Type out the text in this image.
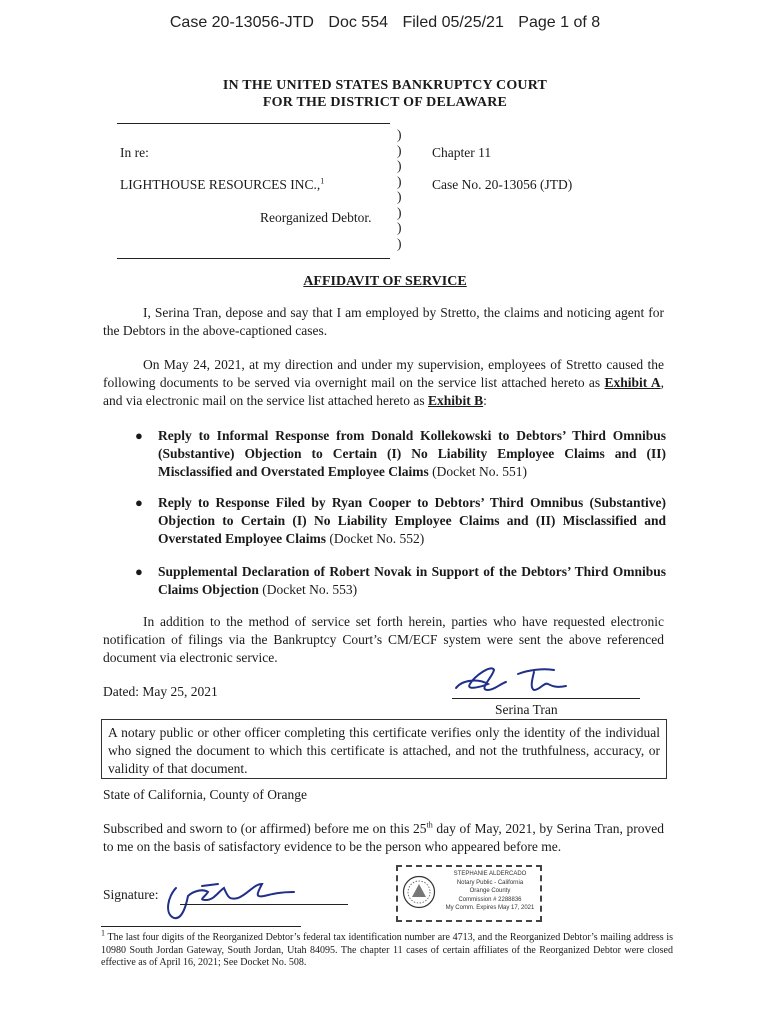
Case 20-13056-JTD Doc 554 Filed 05/25/21 Page 1 of 8
IN THE UNITED STATES BANKRUPTCY COURT
FOR THE DISTRICT OF DELAWARE
In re:
LIGHTHOUSE RESOURCES INC.,$^1$
Reorganized Debtor.
)
)
)
)
)
)
)
)
Chapter 11
Case No. 20-13056 (JTD)
AFFIDAVIT OF SERVICE
I, Serina Tran, depose and say that I am employed by Stretto, the claims and noticing agent for the Debtors in the above-captioned cases.
On May 24, 2021, at my direction and under my supervision, employees of Stretto caused the following documents to be served via overnight mail on the service list attached hereto as Exhibit A, and via electronic mail on the service list attached hereto as Exhibit B:
● Reply to Informal Response from Donald Kollekowski to Debtors’ Third Omnibus (Substantive) Objection to Certain (I) No Liability Employee Claims and (II) Misclassified and Overstated Employee Claims (Docket No. 551)
● Reply to Response Filed by Ryan Cooper to Debtors’ Third Omnibus (Substantive) Objection to Certain (I) No Liability Employee Claims and (II) Misclassified and Overstated Employee Claims (Docket No. 552)
● Supplemental Declaration of Robert Novak in Support of the Debtors’ Third Omnibus Claims Objection (Docket No. 553)
In addition to the method of service set forth herein, parties who have requested electronic notification of filings via the Bankruptcy Court’s CM/ECF system were sent the above referenced document via electronic service.
Dated: May 25, 2021
Serina Tran
A notary public or other officer completing this certificate verifies only the identity of the individual who signed the document to which this certificate is attached, and not the truthfulness, accuracy, or validity of that document.
State of California, County of Orange
Subscribed and sworn to (or affirmed) before me on this 25th day of May, 2021, by Serina Tran, proved to me on the basis of satisfactory evidence to be the person who appeared before me.
Signature:
STEPHANIE ALDERCADO
Notary Public - California
Orange County
Commission # 2288836
My Comm. Expires May 17, 2021
$^1$ The last four digits of the Reorganized Debtor’s federal tax identification number are 4713, and the Reorganized Debtor’s mailing address is 10980 South Jordan Gateway, South Jordan, Utah 84095. The chapter 11 cases of certain affiliates of the Reorganized Debtor were closed effective as of April 16, 2021; See Docket No. 508.
